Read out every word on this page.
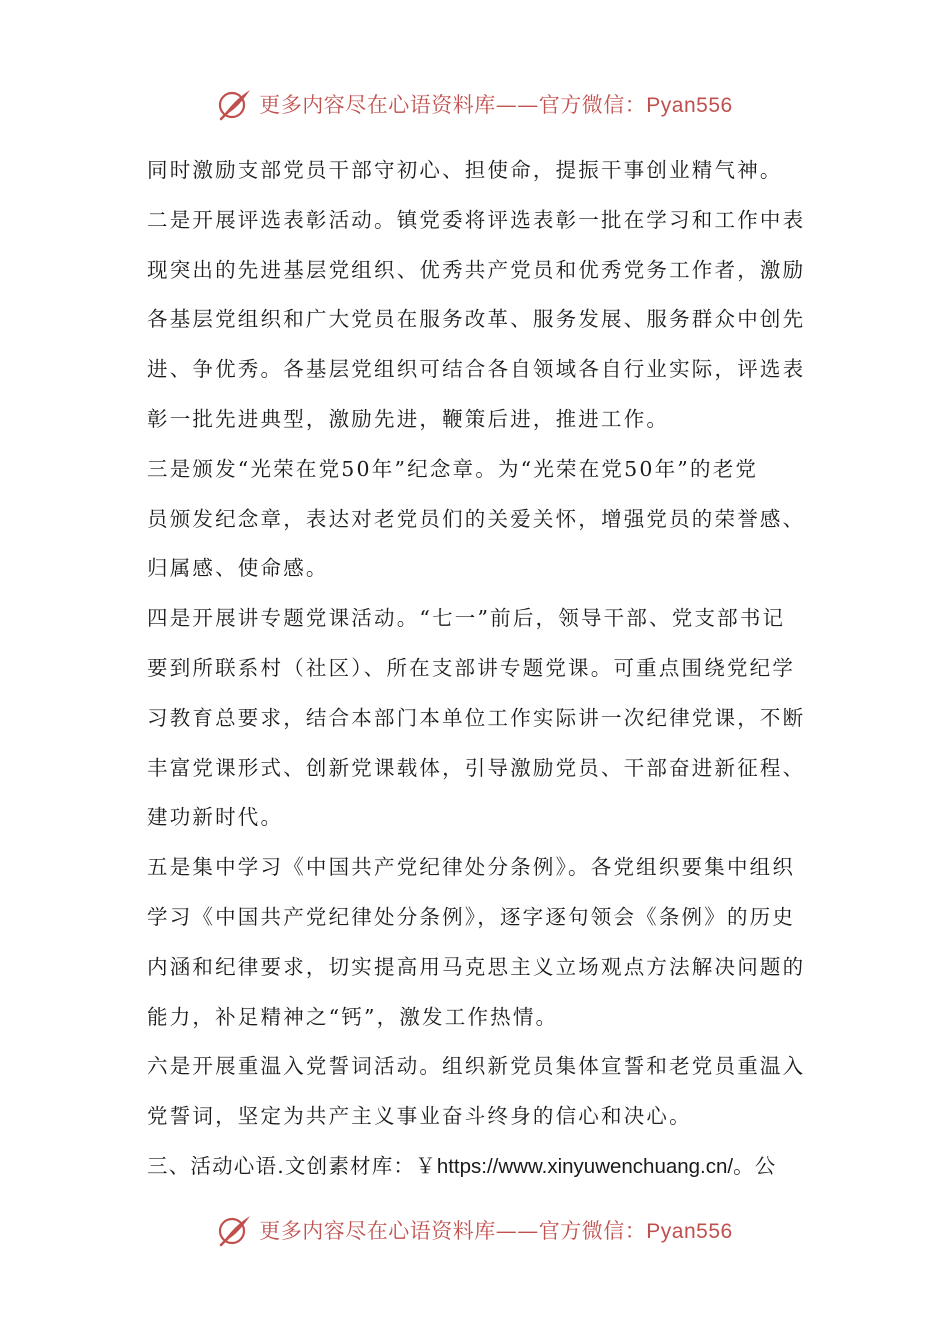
更多内容尽在心语资料库——官方微信：Pyan556
同时激励支部党员干部守初心、担使命，提振干事创业精气神。
二是开展评选表彰活动。镇党委将评选表彰一批在学习和工作中表
现突出的先进基层党组织、优秀共产党员和优秀党务工作者，激励
各基层党组织和广大党员在服务改革、服务发展、服务群众中创先
进、争优秀。各基层党组织可结合各自领域各自行业实际，评选表
彰一批先进典型，激励先进，鞭策后进，推进工作。
三是颁发“光荣在党50年”纪念章。为“光荣在党50年”的老党
员颁发纪念章，表达对老党员们的关爱关怀，增强党员的荣誉感、
归属感、使命感。
四是开展讲专题党课活动。“七一”前后，领导干部、党支部书记
要到所联系村（社区）、所在支部讲专题党课。可重点围绕党纪学
习教育总要求，结合本部门本单位工作实际讲一次纪律党课，不断
丰富党课形式、创新党课载体，引导激励党员、干部奋进新征程、
建功新时代。
五是集中学习《中国共产党纪律处分条例》。各党组织要集中组织
学习《中国共产党纪律处分条例》，逐字逐句领会《条例》的历史
内涵和纪律要求，切实提高用马克思主义立场观点方法解决问题的
能力，补足精神之“钙”，激发工作热情。
六是开展重温入党誓词活动。组织新党员集体宣誓和老党员重温入
党誓词，坚定为共产主义事业奋斗终身的信心和决心。
三、活动心语.文创素材库：￥https://www.xinyuwenchuang.cn/。公
更多内容尽在心语资料库——官方微信：Pyan556
